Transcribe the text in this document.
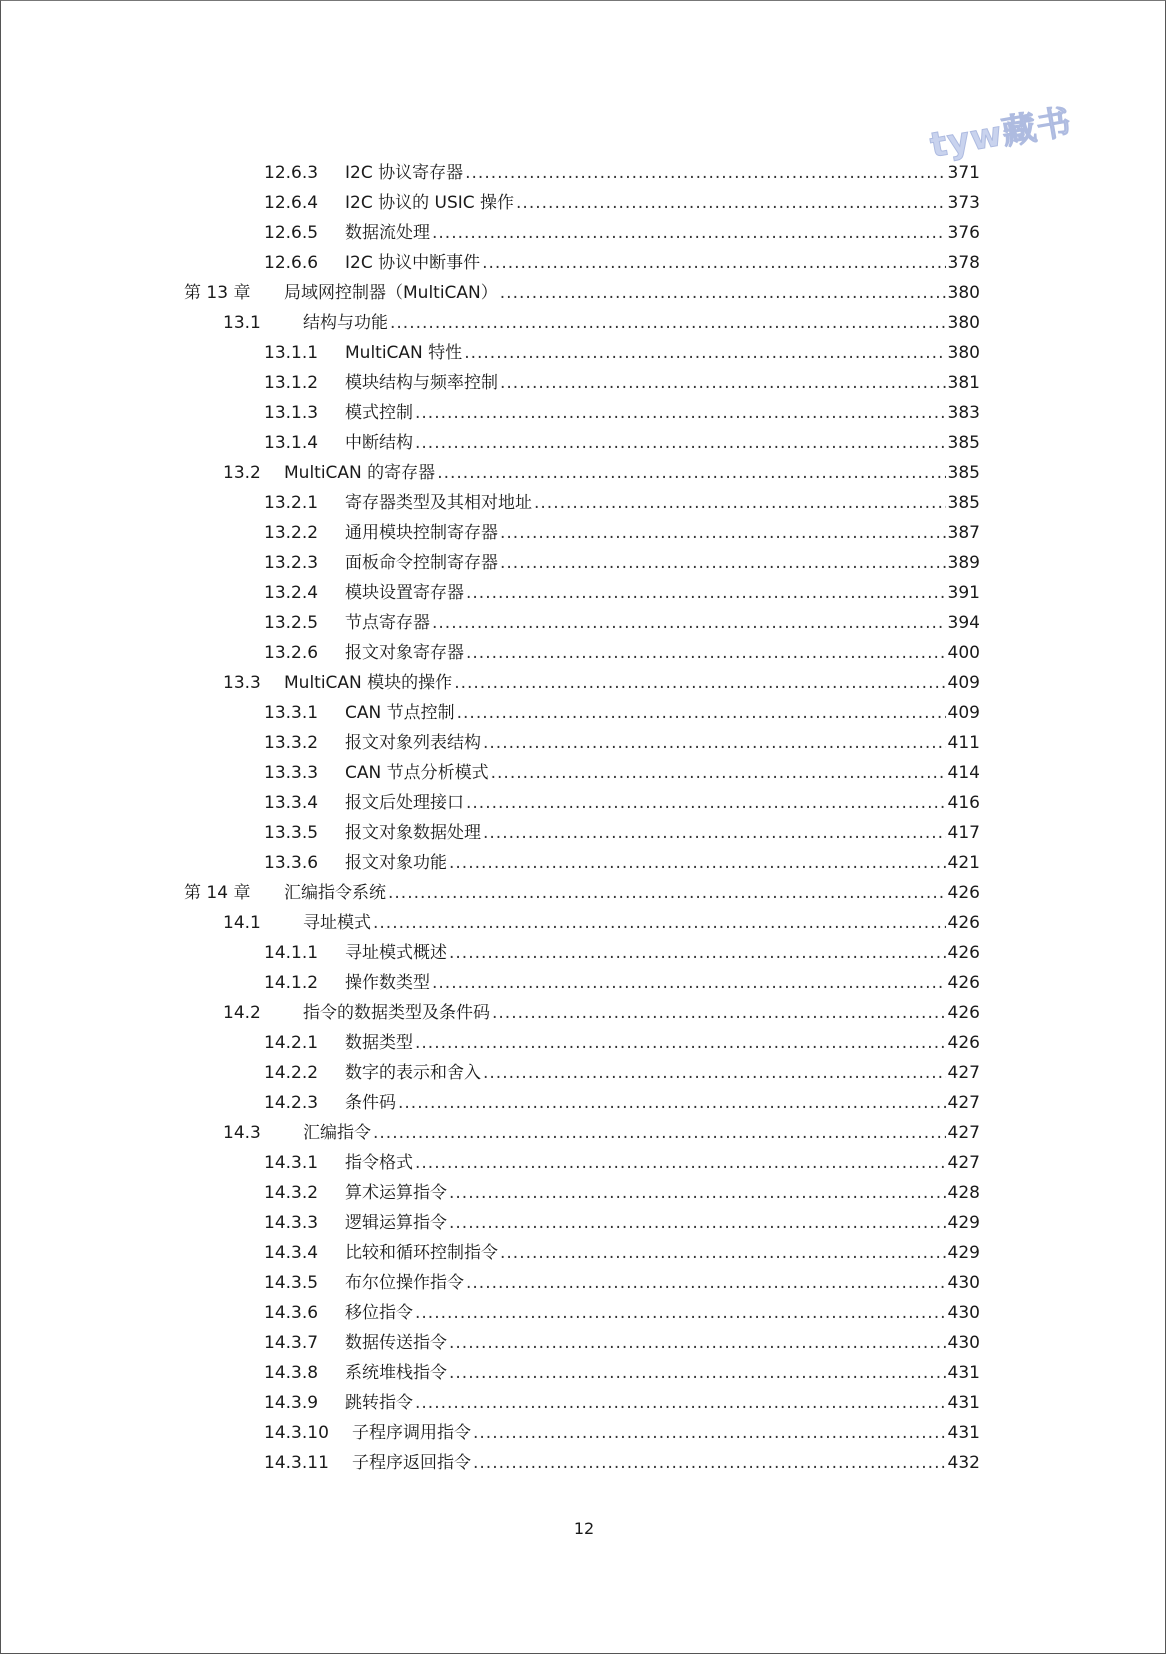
tyw藏书
12.6.3 I2C 协议寄存器 .....	371
12.6.4 I2C 协议的 USIC 操作 .....	373
12.6.5 数据流处理 .....	376
12.6.6 I2C 协议中断事件 .....	378
第 13 章 局域网控制器（MultiCAN） .....	380
13.1 结构与功能 .....	380
13.1.1 MultiCAN 特性 .....	380
13.1.2 模块结构与频率控制 .....	381
13.1.3 模式控制 .....	383
13.1.4 中断结构 .....	385
13.2 MultiCAN 的寄存器 .....	385
13.2.1 寄存器类型及其相对地址 .....	385
13.2.2 通用模块控制寄存器 .....	387
13.2.3 面板命令控制寄存器 .....	389
13.2.4 模块设置寄存器 .....	391
13.2.5 节点寄存器 .....	394
13.2.6 报文对象寄存器 .....	400
13.3 MultiCAN 模块的操作 .....	409
13.3.1 CAN 节点控制 .....	409
13.3.2 报文对象列表结构 .....	411
13.3.3 CAN 节点分析模式 .....	414
13.3.4 报文后处理接口 .....	416
13.3.5 报文对象数据处理 .....	417
13.3.6 报文对象功能 .....	421
第 14 章 汇编指令系统 .....	426
14.1 寻址模式 .....	426
14.1.1 寻址模式概述 .....	426
14.1.2 操作数类型 .....	426
14.2 指令的数据类型及条件码 .....	426
14.2.1 数据类型 .....	426
14.2.2 数字的表示和舍入 .....	427
14.2.3 条件码 .....	427
14.3 汇编指令 .....	427
14.3.1 指令格式 .....	427
14.3.2 算术运算指令 .....	428
14.3.3 逻辑运算指令 .....	429
14.3.4 比较和循环控制指令 .....	429
14.3.5 布尔位操作指令 .....	430
14.3.6 移位指令 .....	430
14.3.7 数据传送指令 .....	430
14.3.8 系统堆栈指令 .....	431
14.3.9 跳转指令 .....	431
14.3.10 子程序调用指令 .....	431
14.3.11 子程序返回指令 .....	432
12
